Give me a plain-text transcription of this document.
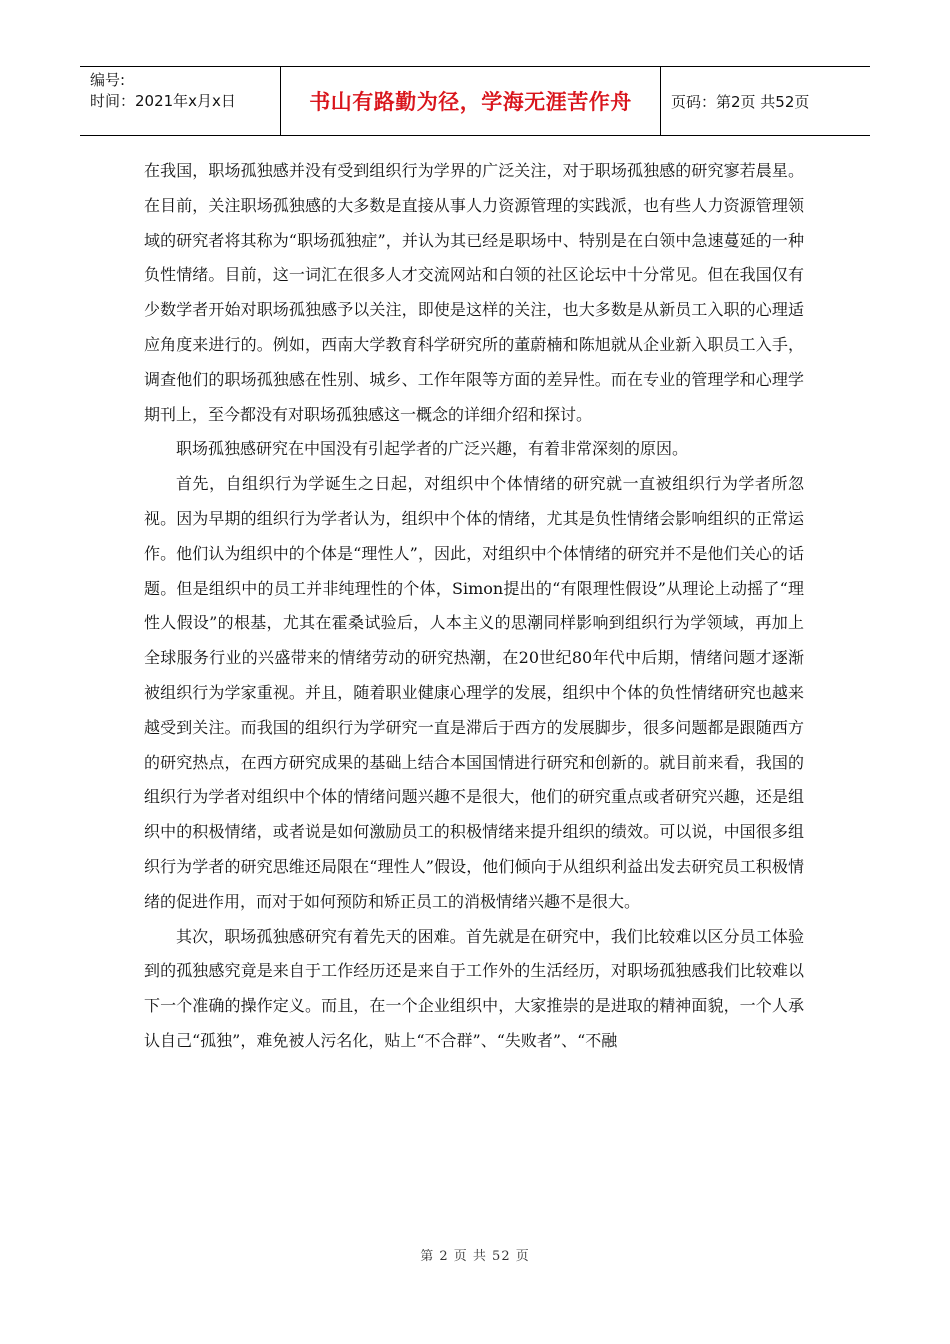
编号:
时间：2021年x月x日	书山有路勤为径，学海无涯苦作舟	页码：第2页 共52页

在我国，职场孤独感并没有受到组织行为学界的广泛关注，对于职场孤独感的研究寥若晨星。在目前，关注职场孤独感的大多数是直接从事人力资源管理的实践派，也有些人力资源管理领域的研究者将其称为“职场孤独症”，并认为其已经是职场中、特别是在白领中急速蔓延的一种负性情绪。目前，这一词汇在很多人才交流网站和白领的社区论坛中十分常见。但在我国仅有少数学者开始对职场孤独感予以关注，即使是这样的关注，也大多数是从新员工入职的心理适应角度来进行的。例如，西南大学教育科学研究所的董蔚楠和陈旭就从企业新入职员工入手，调查他们的职场孤独感在性别、城乡、工作年限等方面的差异性。而在专业的管理学和心理学期刊上，至今都没有对职场孤独感这一概念的详细介绍和探讨。

职场孤独感研究在中国没有引起学者的广泛兴趣，有着非常深刻的原因。

首先，自组织行为学诞生之日起，对组织中个体情绪的研究就一直被组织行为学者所忽视。因为早期的组织行为学者认为，组织中个体的情绪，尤其是负性情绪会影响组织的正常运作。他们认为组织中的个体是“理性人”，因此，对组织中个体情绪的研究并不是他们关心的话题。但是组织中的员工并非纯理性的个体，Simon提出的“有限理性假设”从理论上动摇了“理性人假设”的根基，尤其在霍桑试验后，人本主义的思潮同样影响到组织行为学领域，再加上全球服务行业的兴盛带来的情绪劳动的研究热潮，在20世纪80年代中后期，情绪问题才逐渐被组织行为学家重视。并且，随着职业健康心理学的发展，组织中个体的负性情绪研究也越来越受到关注。而我国的组织行为学研究一直是滞后于西方的发展脚步，很多问题都是跟随西方的研究热点，在西方研究成果的基础上结合本国国情进行研究和创新的。就目前来看，我国的组织行为学者对组织中个体的情绪问题兴趣不是很大，他们的研究重点或者研究兴趣，还是组织中的积极情绪，或者说是如何激励员工的积极情绪来提升组织的绩效。可以说，中国很多组织行为学者的研究思维还局限在“理性人”假设，他们倾向于从组织利益出发去研究员工积极情绪的促进作用，而对于如何预防和矫正员工的消极情绪兴趣不是很大。

其次，职场孤独感研究有着先天的困难。首先就是在研究中，我们比较难以区分员工体验到的孤独感究竟是来自于工作经历还是来自于工作外的生活经历，对职场孤独感我们比较难以下一个准确的操作定义。而且，在一个企业组织中，大家推崇的是进取的精神面貌，一个人承认自己“孤独”，难免被人污名化，贴上“不合群”、“失败者”、“不融

第 2 页 共 52 页
